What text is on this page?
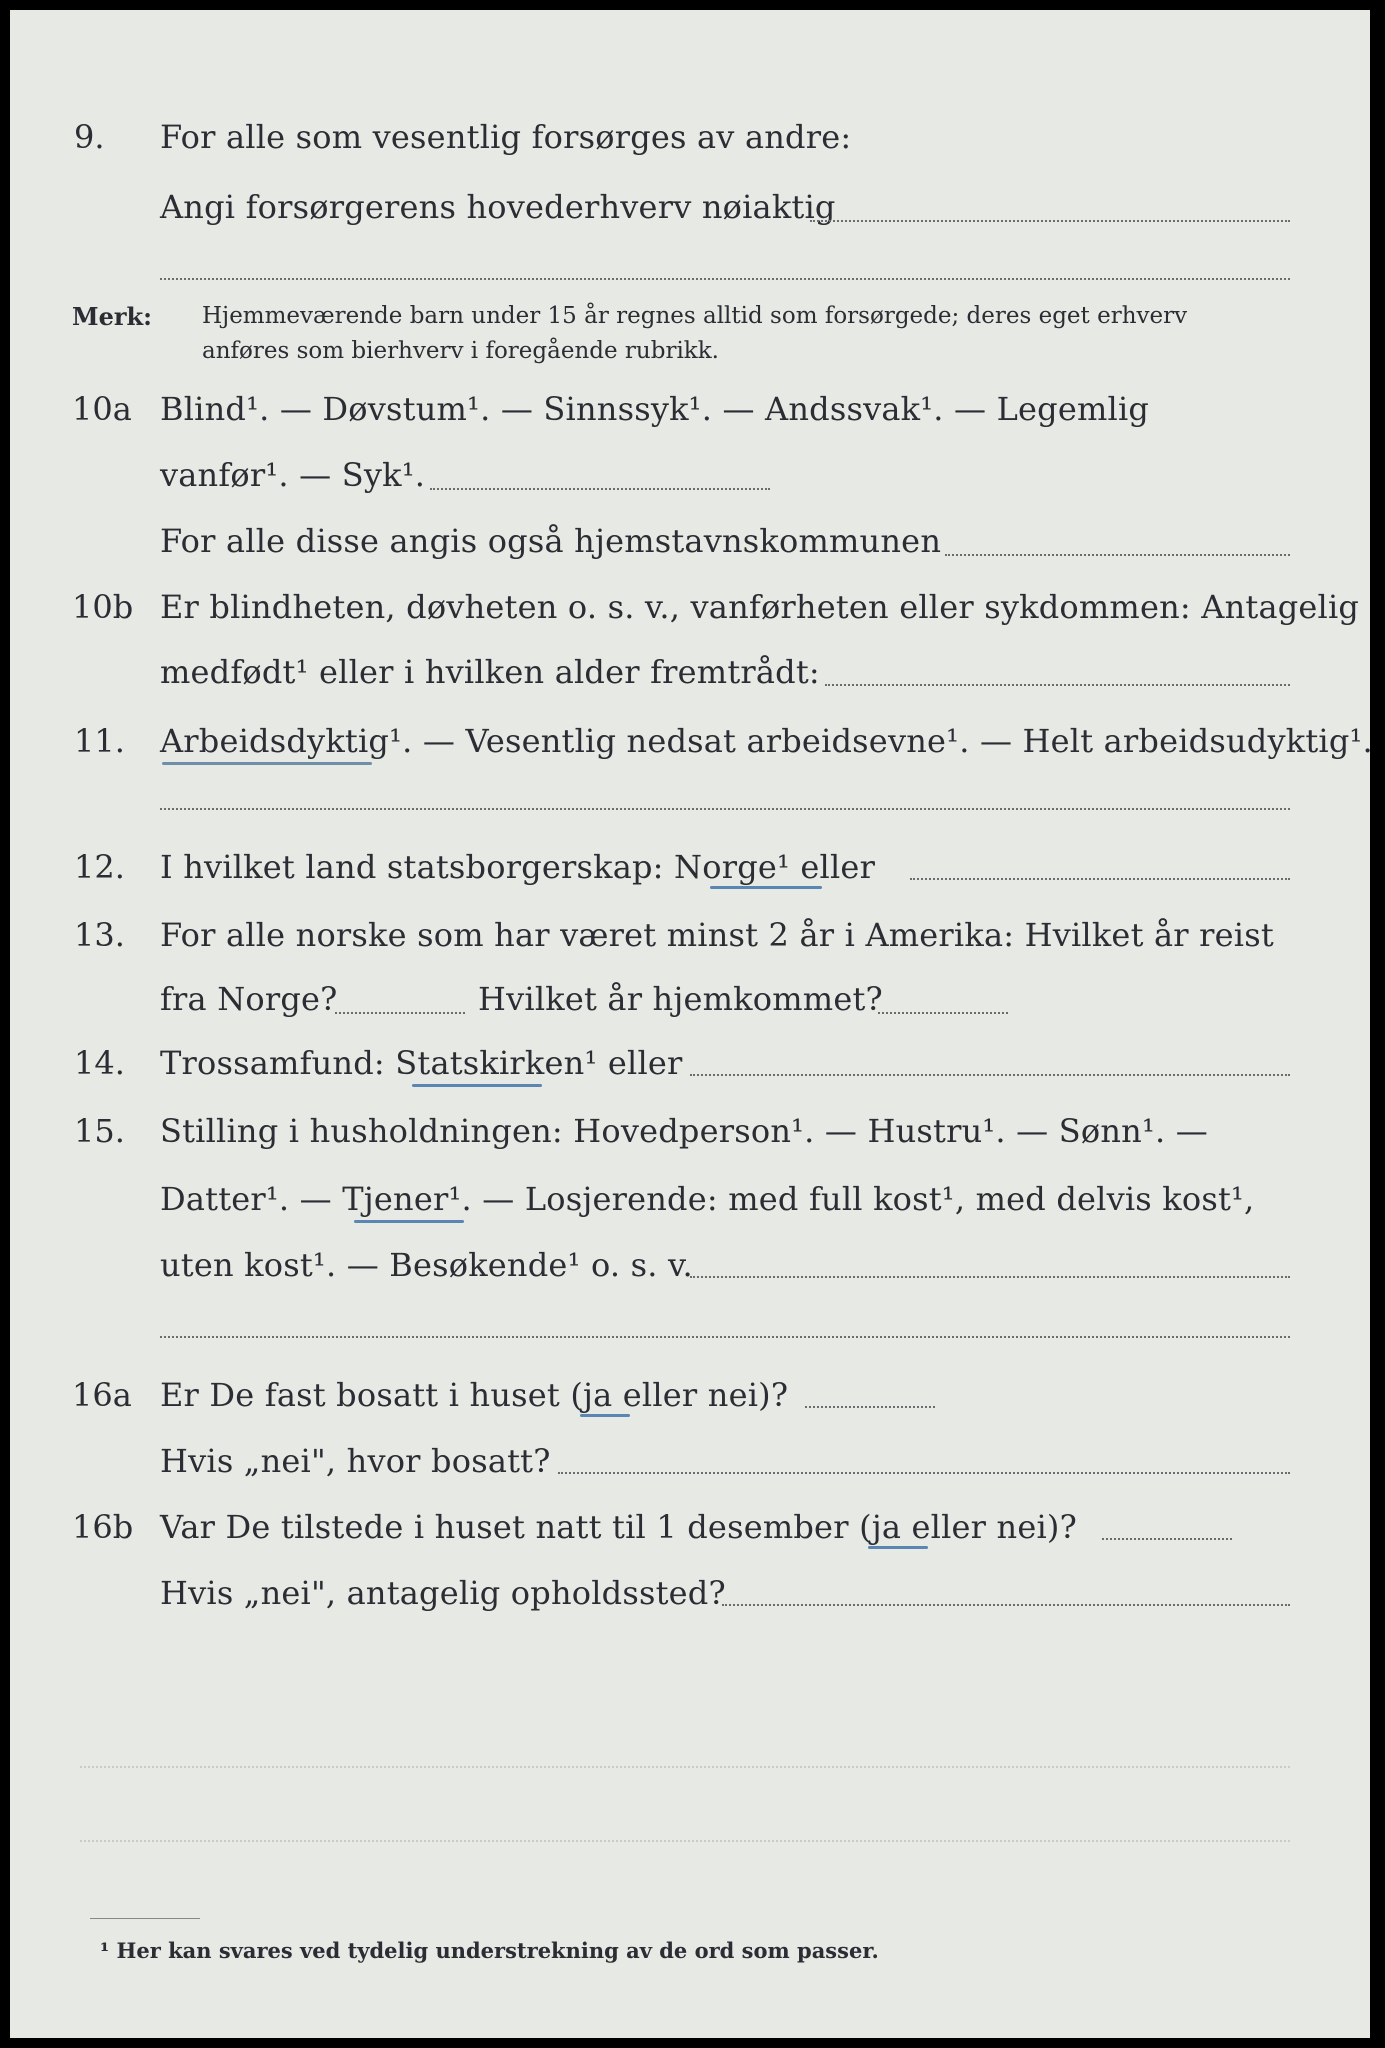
9. For alle som vesentlig forsørges av andre:
Angi forsørgerens hovederhverv nøiaktig
Merk: Hjemmeværende barn under 15 år regnes alltid som forsørgede; deres eget erhverv
anføres som bierhverv i foregående rubrikk.
10a Blind¹. — Døvstum¹. — Sinnssyk¹. — Andssvak¹. — Legemlig
vanfør¹. — Syk¹.
For alle disse angis også hjemstavnskommunen
10b Er blindheten, døvheten o. s. v., vanførheten eller sykdommen: Antagelig
medfødt¹ eller i hvilken alder fremtrådt:
11. Arbeidsdyktig¹. — Vesentlig nedsat arbeidsevne¹. — Helt arbeidsudyktig¹.
12. I hvilket land statsborgerskap: Norge¹ eller
13. For alle norske som har været minst 2 år i Amerika: Hvilket år reist
fra Norge?	Hvilket år hjemkommet?
14. Trossamfund: Statskirken¹ eller
15. Stilling i husholdningen: Hovedperson¹. — Hustru¹. — Sønn¹. —
Datter¹. — Tjener¹. — Losjerende: med full kost¹, med delvis kost¹,
uten kost¹. — Besøkende¹ o. s. v.
16a Er De fast bosatt i huset (ja eller nei)?
Hvis „nei", hvor bosatt?
16b Var De tilstede i huset natt til 1 desember (ja eller nei)?
Hvis „nei", antagelig opholdssted?
¹ Her kan svares ved tydelig understrekning av de ord som passer.
